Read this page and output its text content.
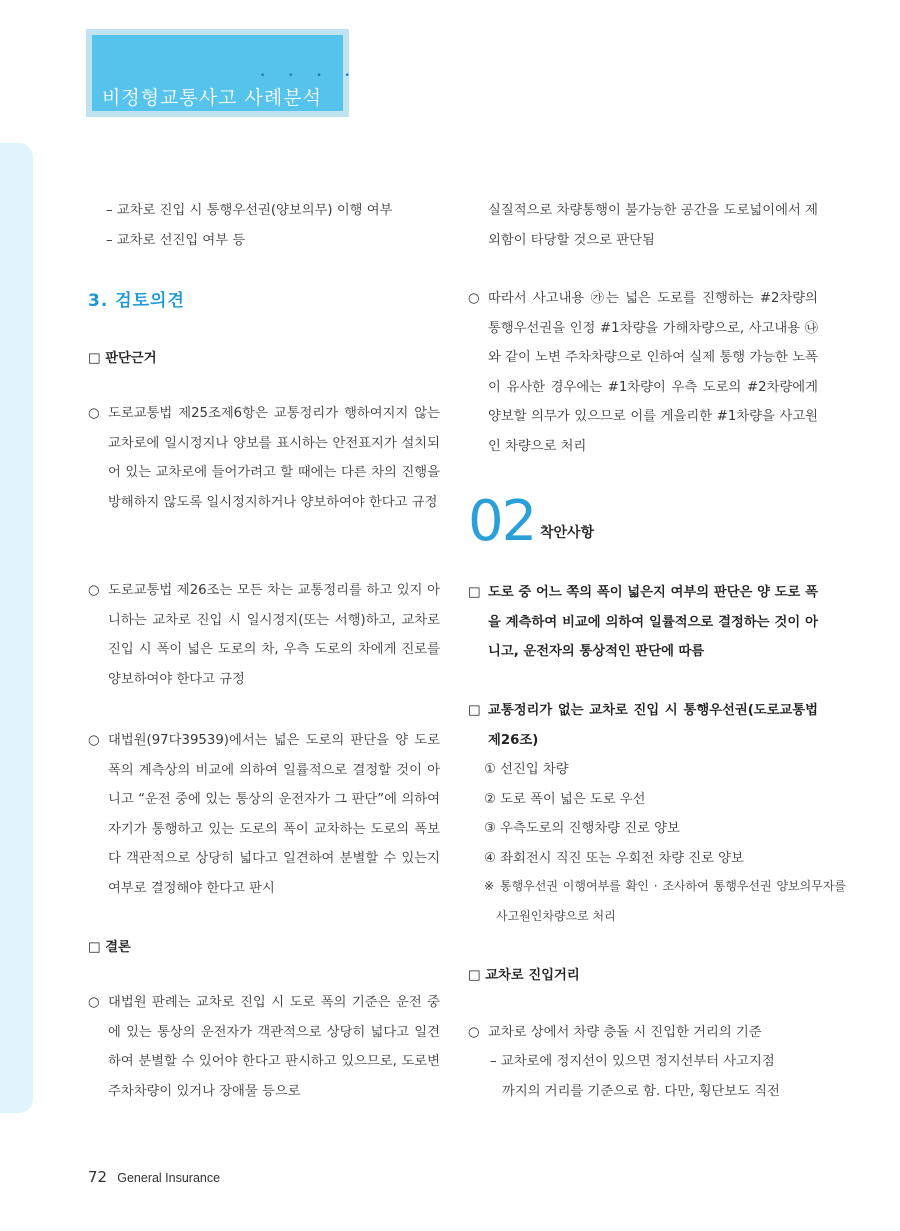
• • • •
비정형교통사고 사례분석

– 교차로 진입 시 통행우선권(양보의무) 이행 여부

– 교차로 선진입 여부 등

3. 검토의견
□ 판단근거
○ 도로교통법 제25조제6항은 교통정리가 행하여지지 않는 교차로에 일시정지나 양보를 표시하는 안전표지가 설치되어 있는 교차로에 들어가려고 할 때에는 다른 차의 진행을 방해하지 않도록 일시정지하거나 양보하여야 한다고 규정
○ 도로교통법 제26조는 모든 차는 교통정리를 하고 있지 아니하는 교차로 진입 시 일시정지(또는 서행)하고, 교차로 진입 시 폭이 넓은 도로의 차, 우측 도로의 차에게 진로를 양보하여야 한다고 규정
○ 대법원(97다39539)에서는 넓은 도로의 판단을 양 도로 폭의 계측상의 비교에 의하여 일률적으로 결정할 것이 아니고 “운전 중에 있는 통상의 운전자가 그 판단”에 의하여 자기가 통행하고 있는 도로의 폭이 교차하는 도로의 폭보다 객관적으로 상당히 넓다고 일견하여 분별할 수 있는지 여부로 결정해야 한다고 판시
□ 결론
○ 대법원 판례는 교차로 진입 시 도로 폭의 기준은 운전 중에 있는 통상의 운전자가 객관적으로 상당히 넓다고 일견하여 분별할 수 있어야 한다고 판시하고 있으므로, 도로변 주차차량이 있거나 장애물 등으로
실질적으로 차량통행이 불가능한 공간을 도로넓이에서 제외함이 타당할 것으로 판단됨
○ 따라서 사고내용 ㉮는 넓은 도로를 진행하는 #2차량의 통행우선권을 인정 #1차량을 가해차량으로, 사고내용 ㉯와 같이 노변 주차차량으로 인하여 실제 통행 가능한 노폭이 유사한 경우에는 #1차량이 우측 도로의 #2차량에게 양보할 의무가 있으므로 이를 게을리한 #1차량을 사고원인 차량으로 처리
□ 도로 중 어느 쪽의 폭이 넓은지 여부의 판단은 양 도로 폭을 계측하여 비교에 의하여 일률적으로 결정하는 것이 아니고, 운전자의 통상적인 판단에 따름
□ 교통정리가 없는 교차로 진입 시 통행우선권(도로교통법 제26조)

① 선진입 차량

② 도로 폭이 넓은 도로 우선

③ 우측도로의 진행차량 진로 양보

④ 좌회전시 직진 또는 우회전 차량 진로 양보

※ 통행우선권 이행여부를 확인 · 조사하여 통행우선권 양보의무자를 사고원인차량으로 처리
□ 교차로 진입거리
○ 교차로 상에서 차량 충돌 시 진입한 거리의 기준

– 교차로에 정지선이 있으면 정지선부터 사고지점

까지의 거리를 기준으로 함. 다만, 횡단보도 직전

02 착안사항
72 General Insurance
